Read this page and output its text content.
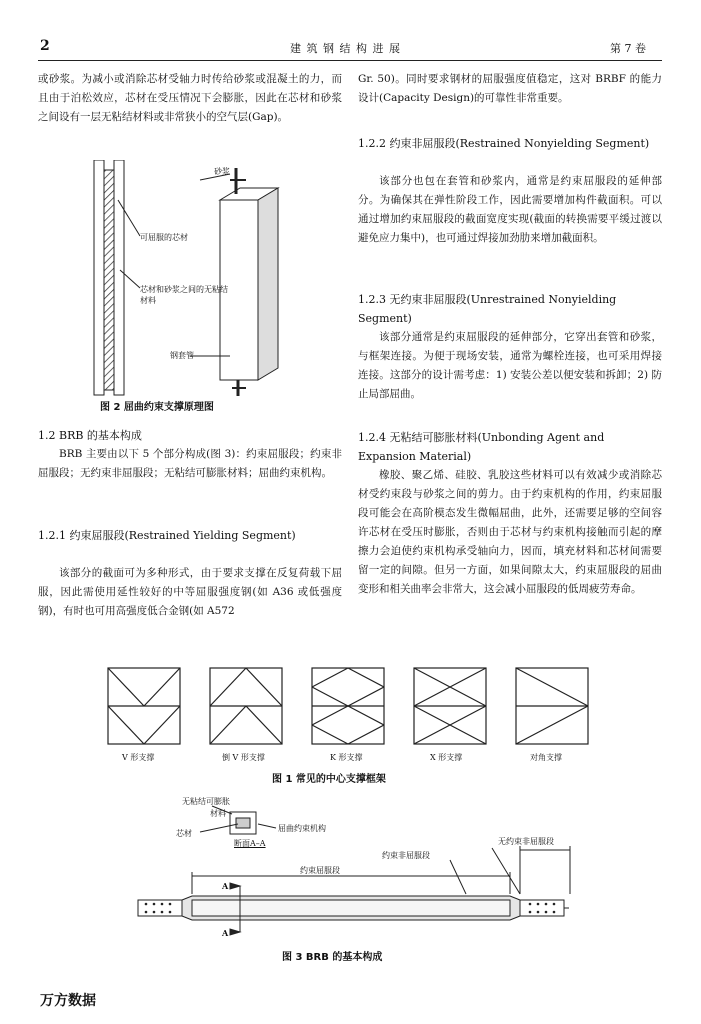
2	建 筑 钢 结 构 进 展	第 7 卷
或砂浆。为减小或消除芯材受轴力时传给砂浆或混凝土的力，而且由于泊松效应，芯材在受压情况下会膨胀，因此在芯材和砂浆之间设有一层无粘结材料或非常狭小的空气层(Gap)。
砂浆
可屈服的芯材
芯材和砂浆之间的无粘结材料
钢套管
图 2 屈曲约束支撑原理图
1.2 BRB 的基本构成
BRB 主要由以下 5 个部分构成(图 3)：约束屈服段；约束非屈服段；无约束非屈服段；无粘结可膨胀材料；屈曲约束机构。
1.2.1 约束屈服段(Restrained Yielding Segment)
该部分的截面可为多种形式，由于要求支撑在反复荷载下屈服，因此需使用延性较好的中等屈服强度钢(如 A36 或低强度钢)，有时也可用高强度低合金钢(如 A572
Gr. 50)。同时要求钢材的屈服强度值稳定，这对 BRBF 的能力设计(Capacity Design)的可靠性非常重要。
1.2.2 约束非屈服段(Restrained Nonyielding Segment)
该部分也包在套管和砂浆内，通常是约束屈服段的延伸部分。为确保其在弹性阶段工作，因此需要增加构件截面积。可以通过增加约束屈服段的截面宽度实现(截面的转换需要平缓过渡以避免应力集中)，也可通过焊接加劲肋来增加截面积。
1.2.3 无约束非屈服段(Unrestrained Nonyielding Segment)
该部分通常是约束屈服段的延伸部分，它穿出套管和砂浆，与框架连接。为便于现场安装，通常为螺栓连接，也可采用焊接连接。这部分的设计需考虑：1) 安装公差以便安装和拆卸；2) 防止局部屈曲。
1.2.4 无粘结可膨胀材料(Unbonding Agent and Expansion Material)
橡胶、聚乙烯、硅胶、乳胶这些材料可以有效减少或消除芯材受约束段与砂浆之间的剪力。由于约束机构的作用，约束屈服段可能会在高阶模态发生微幅屈曲，此外，还需要足够的空间容许芯材在受压时膨胀，否则由于芯材与约束机构接触而引起的摩擦力会迫使约束机构承受轴向力，因而，填充材料和芯材间需要留一定的间隙。但另一方面，如果间隙太大，约束屈服段的屈曲变形和相关曲率会非常大，这会减小屈服段的低周疲劳寿命。
V 形支撑	倒 V 形支撑	K 形支撑	X 形支撑	对角支撑
图 1 常见的中心支撑框架
无粘结可膨胀
材料
芯材
屈曲约束机构
断面A–A
约束非屈服段
无约束非屈服段
约束屈服段
A
A
图 3 BRB 的基本构成
万方数据
